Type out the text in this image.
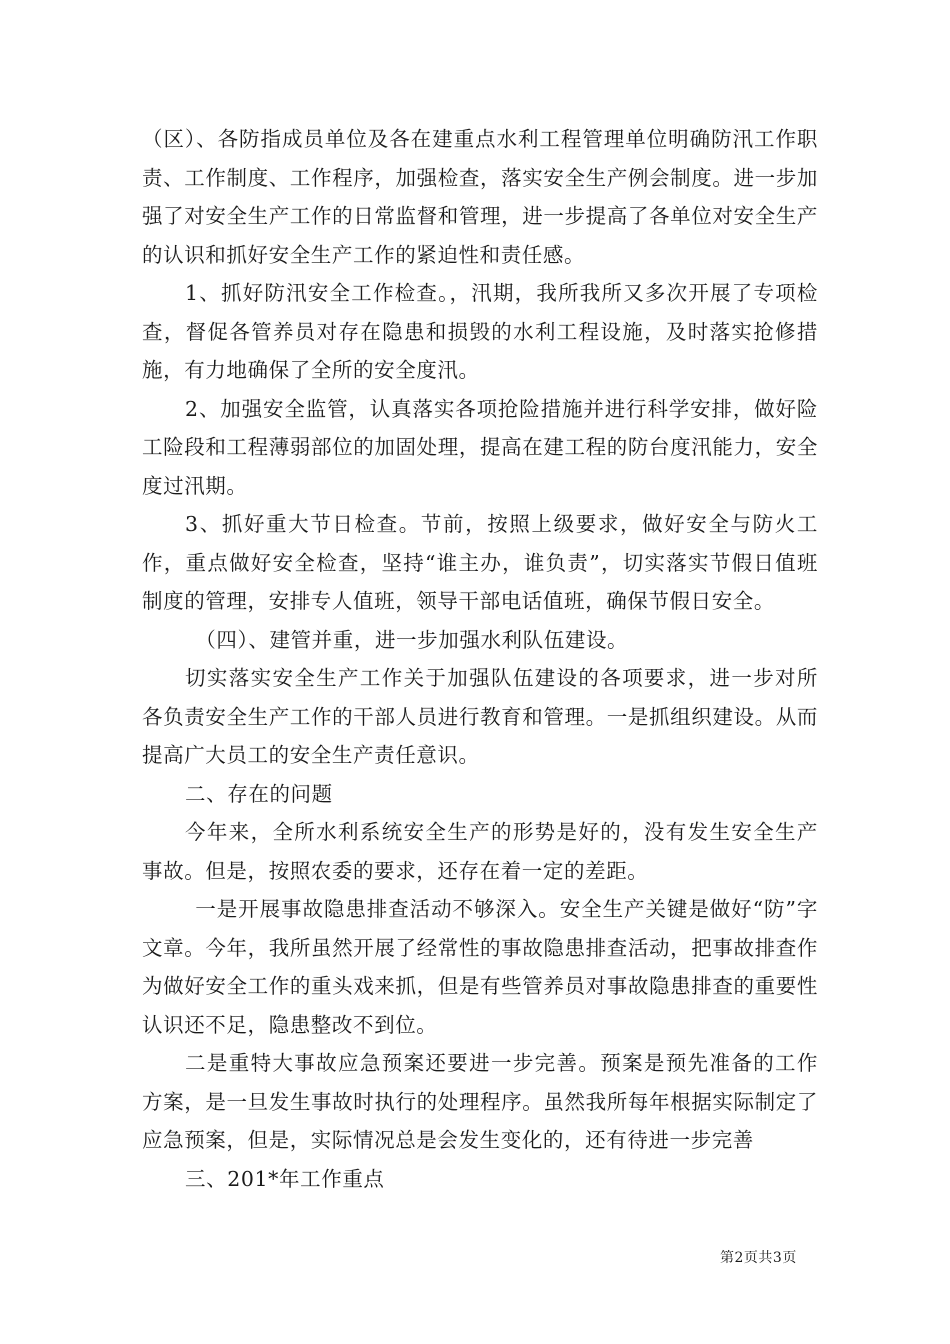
（区）、各防指成员单位及各在建重点水利工程管理单位明确防汛工作职责、工作制度、工作程序，加强检查，落实安全生产例会制度。进一步加强了对安全生产工作的日常监督和管理，进一步提高了各单位对安全生产的认识和抓好安全生产工作的紧迫性和责任感。

1、抓好防汛安全工作检查。，汛期，我所我所又多次开展了专项检查，督促各管养员对存在隐患和损毁的水利工程设施，及时落实抢修措施，有力地确保了全所的安全度汛。

2、加强安全监管，认真落实各项抢险措施并进行科学安排，做好险工险段和工程薄弱部位的加固处理，提高在建工程的防台度汛能力，安全度过汛期。

3、抓好重大节日检查。节前，按照上级要求，做好安全与防火工作，重点做好安全检查，坚持“谁主办，谁负责”，切实落实节假日值班制度的管理，安排专人值班，领导干部电话值班，确保节假日安全。

（四）、建管并重，进一步加强水利队伍建设。

切实落实安全生产工作关于加强队伍建设的各项要求，进一步对所各负责安全生产工作的干部人员进行教育和管理。一是抓组织建设。从而提高广大员工的安全生产责任意识。

二、存在的问题

今年来，全所水利系统安全生产的形势是好的，没有发生安全生产事故。但是，按照农委的要求，还存在着一定的差距。

一是开展事故隐患排查活动不够深入。安全生产关键是做好“防”字文章。今年，我所虽然开展了经常性的事故隐患排查活动，把事故排查作为做好安全工作的重头戏来抓，但是有些管养员对事故隐患排查的重要性认识还不足，隐患整改不到位。

二是重特大事故应急预案还要进一步完善。预案是预先准备的工作方案，是一旦发生事故时执行的处理程序。虽然我所每年根据实际制定了应急预案，但是，实际情况总是会发生变化的，还有待进一步完善

三、201*年工作重点

第2页共3页
